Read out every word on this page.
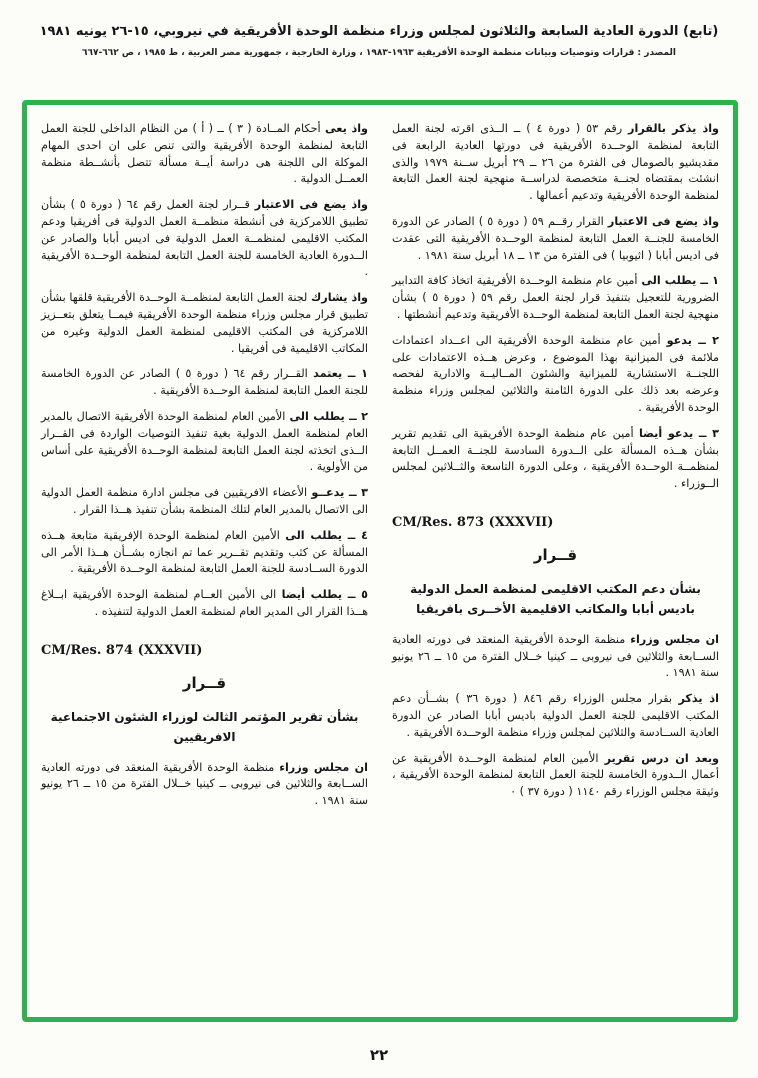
(تابع) الدورة العادية السابعة والثلاثون لمجلس وزراء منظمة الوحدة الأفريقية في نيروبي، ١٥-٢٦ يونيه ١٩٨١
المصدر : قرارات وتوصيات وبيانات منظمة الوحدة الأفريقية ١٩٦٣-١٩٨٣ ، وزارة الخارجية ، جمهورية مصر العربية ، ط ١٩٨٥ ، ص ٦٦٢-٦٦٧

واذ يذكر بالقرار رقم ٥٣ ( دورة ٤ ) ــ الــذى اقرته لجنة العمل التابعة لمنظمة الوحــدة الأفريقية فى دورتها العادية الرابعة فى مقديشيو بالصومال فى الفترة من ٢٦ ــ ٢٩ أبريل ســنة ١٩٧٩ والذى انشئت بمقتضاه لجنــة متخصصة لدراســة منهجية لجنة العمل التابعة لمنظمة الوحدة الأفريقية وتدعيم أعمالها .

واذ يضع فى الاعتبار القرار رقــم ٥٩ ( دورة ٥ ) الصادر عن الدورة الخامسة للجنــة العمل التابعة لمنظمة الوحــدة الأفريقية التى عقدت فى اديس أبابا ( اثيوبيا ) فى الفترة من ١٣ ــ ١٨ أبريل سنة ١٩٨١ .

١ ــ يطلب الى أمين عام منظمة الوحــدة الأفريقية اتخاذ كافة التدابير الضرورية للتعجيل بتنفيذ قرار لجنة العمل رقم ٥٩ ( دورة ٥ ) بشأن منهجية لجنة العمل التابعة لمنظمة الوحــدة الأفريقية وتدعيم أنشطتها .

٢ ــ يدعو أمين عام منظمة الوحدة الأفريقية الى اعــداد اعتمادات ملائمة فى الميزانية بهذا الموضوع ، وعرض هــذه الاعتمادات على اللجنــة الاستشارية للميزانية والشئون المــاليــة والادارية لفحصه وعرضه بعد ذلك على الدورة الثامنة والثلاثين لمجلس وزراء منظمة الوحدة الأفريقية .

٣ ــ يدعو أيضا أمين عام منظمة الوحدة الأفريقية الى تقديم تقرير بشأن هــذه المسألة على الــدورة السادسة للجنــة العمــل التابعة لمنظمــة الوحــدة الأفريقية ، وعلى الدورة التاسعة والثــلاثين لمجلس الــوزراء .

CM/Res. 873 (XXXVII)

قــرار

بشأن دعم المكتب الاقليمى لمنظمة العمل الدولية باديس أبابا والمكاتب الاقليمية الأخــرى بافريقيا

ان مجلس وزراء منظمة الوحدة الأفريقية المنعقد فى دورته العادية الســابعة والثلاثين فى نيروبى ــ كينيا خــلال الفترة من ١٥ ــ ٢٦ يونيو سنة ١٩٨١ .

اذ يذكر بقرار مجلس الوزراء رقم ٨٤٦ ( دورة ٣٦ ) بشــأن دعم المكتب الاقليمى للجنة العمل الدولية باديس أبابا الصادر عن الدورة العادية الســادسة والثلاثين لمجلس وزراء منظمة الوحــدة الأفريقية .

وبعد ان درس تقرير الأمين العام لمنظمة الوحــدة الأفريقية عن أعمال الــدورة الخامسة للجنة العمل التابعة لمنظمة الوحدة الأفريقية ، وثيقة مجلس الوزراء رقم ١١٤٠ ( دورة ٣٧ ) ٠

واذ يعى أحكام المــادة ( ٣ ) ــ ( أ ) من النظام الداخلى للجنة العمل التابعة لمنظمة الوحدة الأفريقية والتى تنص على ان احدى المهام الموكلة الى اللجنة هى دراسة أيــة مسألة تتصل بأنشــطة منظمة العمــل الدولية .

واذ يضع فى الاعتبار قــرار لجنة العمل رقم ٦٤ ( دورة ٥ ) بشأن تطبيق اللامركزية فى أنشطة منظمــة العمل الدولية فى أفريقيا ودعم المكتب الاقليمى لمنظمــة العمل الدولية فى اديس أبابا والصادر عن الــدورة العادية الخامسة للجنة العمل التابعة لمنظمة الوحــدة الأفريقية .

واذ يشارك لجنة العمل التابعة لمنظمــة الوحــدة الأفريقية قلقها بشأن تطبيق قرار مجلس وزراء منظمة الوحدة الأفريقية فيمــا يتعلق بتعــزيز اللامركزية فى المكتب الاقليمى لمنظمة العمل الدولية وغيره من المكاتب الاقليمية فى أفريقيا .

١ ــ يعتمد القــرار رقم ٦٤ ( دورة ٥ ) الصادر عن الدورة الخامسة للجنة العمل التابعة لمنظمة الوحــدة الأفريقية .

٢ ــ يطلب الى الأمين العام لمنظمة الوحدة الأفريقية الاتصال بالمدير العام لمنظمة العمل الدولية بغية تنفيذ التوصيات الواردة فى القــرار الــذى اتخذته لجنة العمل التابعة لمنظمة الوحــدة الأفريقية على أساس من الأولوية .

٣ ــ يدعــو الأعضاء الافريقيين فى مجلس ادارة منظمة العمل الدولية الى الاتصال بالمدير العام لتلك المنظمة بشأن تنفيذ هــذا القرار .

٤ ــ يطلب الى الأمين العام لمنظمة الوحدة الإفريقية متابعة هــذه المسألة عن كثب وتقديم تقــرير عما تم انجازه بشــأن هــذا الأمر الى الدورة الســادسة للجنة العمل التابعة لمنظمة الوحــدة الأفريقية .

٥ ــ يطلب أيضا الى الأمين العــام لمنظمة الوحدة الأفريقية ابــلاغ هــذا القرار الى المدير العام لمنظمة العمل الدولية لتنفيذه .

CM/Res. 874 (XXXVII)

قــرار

بشأن تقرير المؤتمر الثالث لوزراء الشئون الاجتماعية الافريقيين

ان مجلس وزراء منظمة الوحدة الأفريقية المنعقد فى دورته العادية الســابعة والثلاثين فى نيروبى ــ كينيا خــلال الفترة من ١٥ ــ ٢٦ يونيو سنة ١٩٨١ .

٢٢
